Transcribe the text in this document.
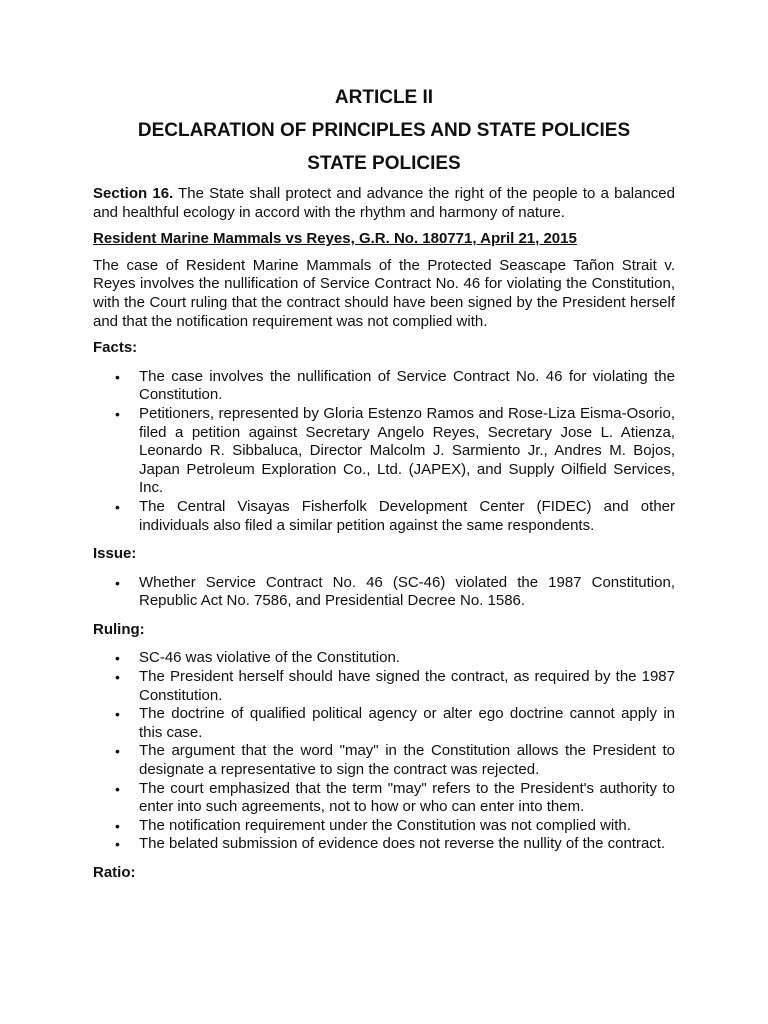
ARTICLE II
DECLARATION OF PRINCIPLES AND STATE POLICIES
STATE POLICIES

Section 16. The State shall protect and advance the right of the people to a balanced and healthful ecology in accord with the rhythm and harmony of nature.

Resident Marine Mammals vs Reyes, G.R. No. 180771, April 21, 2015

The case of Resident Marine Mammals of the Protected Seascape Tañon Strait v. Reyes involves the nullification of Service Contract No. 46 for violating the Constitution, with the Court ruling that the contract should have been signed by the President herself and that the notification requirement was not complied with.

Facts:

• The case involves the nullification of Service Contract No. 46 for violating the Constitution.
• Petitioners, represented by Gloria Estenzo Ramos and Rose-Liza Eisma-Osorio, filed a petition against Secretary Angelo Reyes, Secretary Jose L. Atienza, Leonardo R. Sibbaluca, Director Malcolm J. Sarmiento Jr., Andres M. Bojos, Japan Petroleum Exploration Co., Ltd. (JAPEX), and Supply Oilfield Services, Inc.
• The Central Visayas Fisherfolk Development Center (FIDEC) and other individuals also filed a similar petition against the same respondents.

Issue:

• Whether Service Contract No. 46 (SC-46) violated the 1987 Constitution, Republic Act No. 7586, and Presidential Decree No. 1586.

Ruling:

• SC-46 was violative of the Constitution.
• The President herself should have signed the contract, as required by the 1987 Constitution.
• The doctrine of qualified political agency or alter ego doctrine cannot apply in this case.
• The argument that the word "may" in the Constitution allows the President to designate a representative to sign the contract was rejected.
• The court emphasized that the term "may" refers to the President's authority to enter into such agreements, not to how or who can enter into them.
• The notification requirement under the Constitution was not complied with.
• The belated submission of evidence does not reverse the nullity of the contract.

Ratio:
